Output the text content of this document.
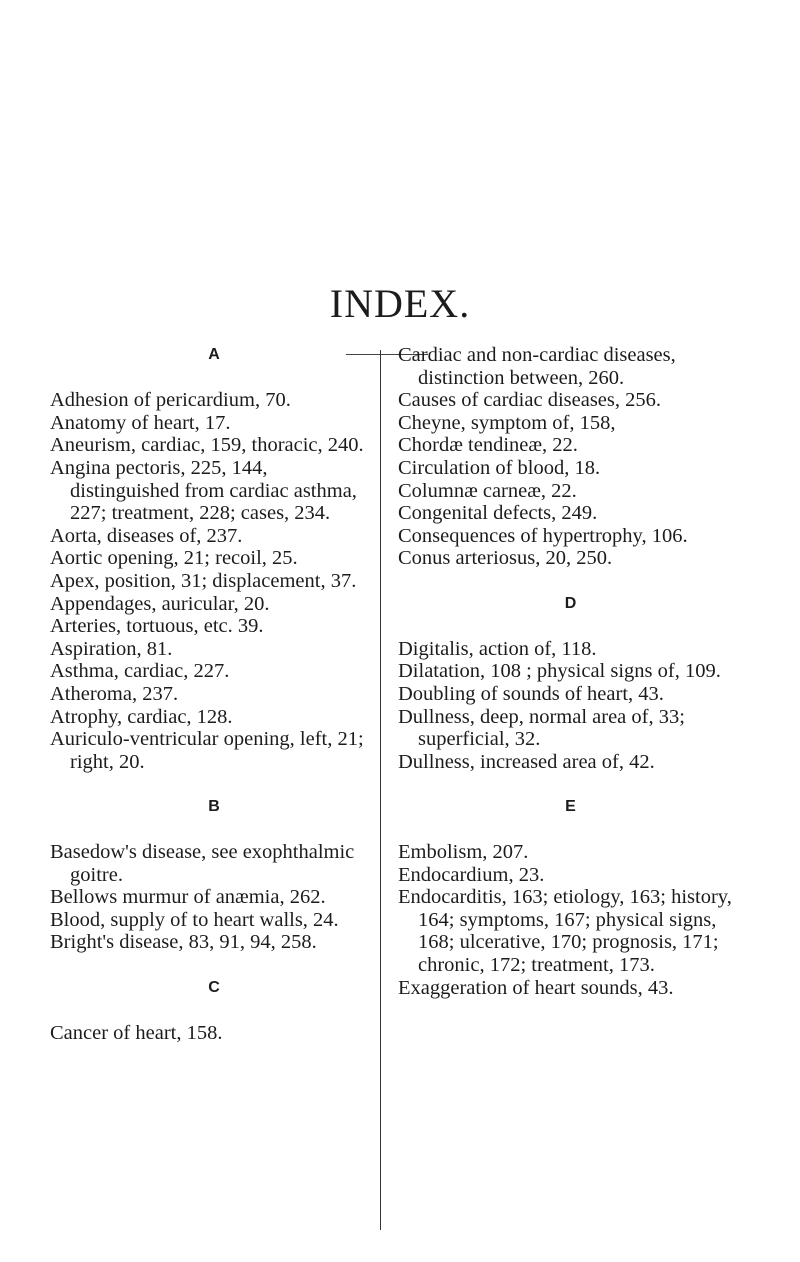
INDEX.
A
Adhesion of pericardium, 70.
Anatomy of heart, 17.
Aneurism, cardiac, 159, thoracic, 240.
Angina pectoris, 225, 144, distinguished from cardiac asthma, 227; treatment, 228; cases, 234.
Aorta, diseases of, 237.
Aortic opening, 21; recoil, 25.
Apex, position, 31; displacement, 37.
Appendages, auricular, 20.
Arteries, tortuous, etc. 39.
Aspiration, 81.
Asthma, cardiac, 227.
Atheroma, 237.
Atrophy, cardiac, 128.
Auriculo-ventricular opening, left, 21; right, 20.
B
Basedow's disease, see exophthalmic goitre.
Bellows murmur of anæmia, 262.
Blood, supply of to heart walls, 24.
Bright's disease, 83, 91, 94, 258.
C
Cancer of heart, 158.
Cardiac and non-cardiac diseases, distinction between, 260.
Causes of cardiac diseases, 256.
Cheyne, symptom of, 158,
Chordæ tendineæ, 22.
Circulation of blood, 18.
Columnæ carneæ, 22.
Congenital defects, 249.
Consequences of hypertrophy, 106.
Conus arteriosus, 20, 250.
D
Digitalis, action of, 118.
Dilatation, 108 ; physical signs of, 109.
Doubling of sounds of heart, 43.
Dullness, deep, normal area of, 33; superficial, 32.
Dullness, increased area of, 42.
E
Embolism, 207.
Endocardium, 23.
Endocarditis, 163; etiology, 163; history, 164; symptoms, 167; physical signs, 168; ulcerative, 170; prognosis, 171; chronic, 172; treatment, 173.
Exaggeration of heart sounds, 43.
